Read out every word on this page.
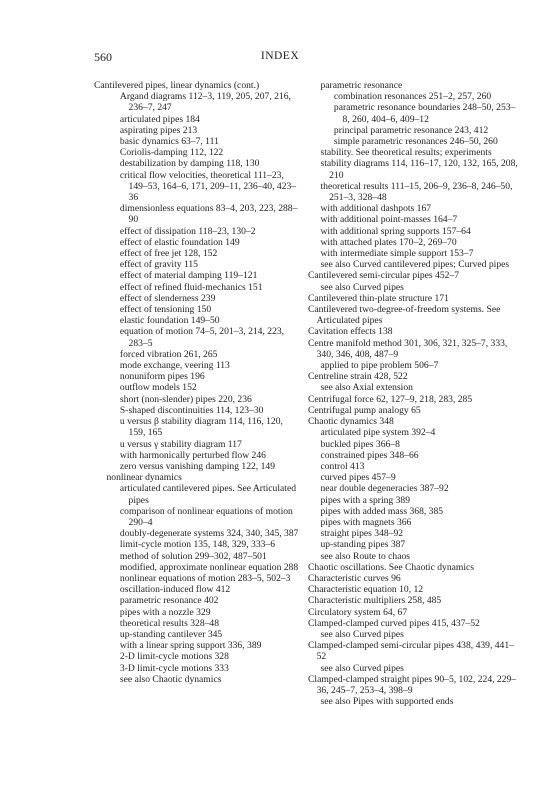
560	INDEX
Cantilevered pipes, linear dynamics (cont.)
Argand diagrams 112–3, 119, 205, 207, 216, 236–7, 247
articulated pipes 184
aspirating pipes 213
basic dynamics 63–7, 111
Coriolis-damping 112, 122
destabilization by damping 118, 130
critical flow velocities, theoretical 111–23, 149–53, 164–6, 171, 209–11, 236–40, 423–36
dimensionless equations 83–4, 203, 223, 288–90
effect of dissipation 118–23, 130–2
effect of elastic foundation 149
effect of free jet 128, 152
effect of gravity 115
effect of material damping 119–121
effect of refined fluid-mechanics 151
effect of slenderness 239
effect of tensioning 150
elastic foundation 149–50
equation of motion 74–5, 201–3, 214, 223, 283–5
forced vibration 261, 265
mode exchange, veering 113
nonuniform pipes 196
outflow models 152
short (non-slender) pipes 220, 236
S-shaped discontinuities 114, 123–30
u versus β stability diagram 114, 116, 120, 159, 165
u versus γ stability diagram 117
with harmonically perturbed flow 246
zero versus vanishing damping 122, 149
nonlinear dynamics
articulated cantilevered pipes. See Articulated pipes
comparison of nonlinear equations of motion 290–4
doubly-degenerate systems 324, 340, 345, 387
limit-cycle motion 135, 148, 329, 333–6
method of solution 299–302, 487–501
modified, approximate nonlinear equation 288
nonlinear equations of motion 283–5, 502–3
oscillation-induced flow 412
parametric resonance 402
pipes with a nozzle 329
theoretical results 328–48
up-standing cantilever 345
with a linear spring support 336, 389
2-D limit-cycle motions 328
3-D limit-cycle motions 333
see also Chaotic dynamics
parametric resonance
combination resonances 251–2, 257, 260
parametric resonance boundaries 248–50, 253–8, 260, 404–6, 409–12
principal parametric resonance 243, 412
simple parametric resonances 246–50, 260
stability. See theoretical results; experiments
stability diagrams 114, 116–17, 120, 132, 165, 208, 210
theoretical results 111–15, 206–9, 236–8, 246–50, 251–3, 328–48
with additional dashpots 167
with additional point-masses 164–7
with additional spring supports 157–64
with attached plates 170–2, 269–70
with intermediate simple support 153–7
see also Curved cantilevered pipes; Curved pipes
Cantilevered semi-circular pipes 452–7
see also Curved pipes
Cantilevered thin-plate structure 171
Cantilevered two-degree-of-freedom systems. See Articulated pipes
Cavitation effects 138
Centre manifold method 301, 306, 321, 325–7, 333, 340, 346, 408, 487–9
applied to pipe problem 506–7
Centreline strain 428, 522
see also Axial extension
Centrifugal force 62, 127–9, 218, 283, 285
Centrifugal pump analogy 65
Chaotic dynamics 348
articulated pipe system 392–4
buckled pipes 366–8
constrained pipes 348–66
control 413
curved pipes 457–9
near double degeneracies 387–92
pipes with a spring 389
pipes with added mass 368, 385
pipes with magnets 366
straight pipes 348–92
up-standing pipes 387
see also Route to chaos
Chaotic oscillations. See Chaotic dynamics
Characteristic curves 96
Characteristic equation 10, 12
Characteristic multipliers 258, 485
Circulatory system 64, 67
Clamped-clamped curved pipes 415, 437–52
see also Curved pipes
Clamped-clamped semi-circular pipes 438, 439, 441–52
see also Curved pipes
Clamped-clamped straight pipes 90–5, 102, 224, 229–36, 245–7, 253–4, 398–9
see also Pipes with supported ends
